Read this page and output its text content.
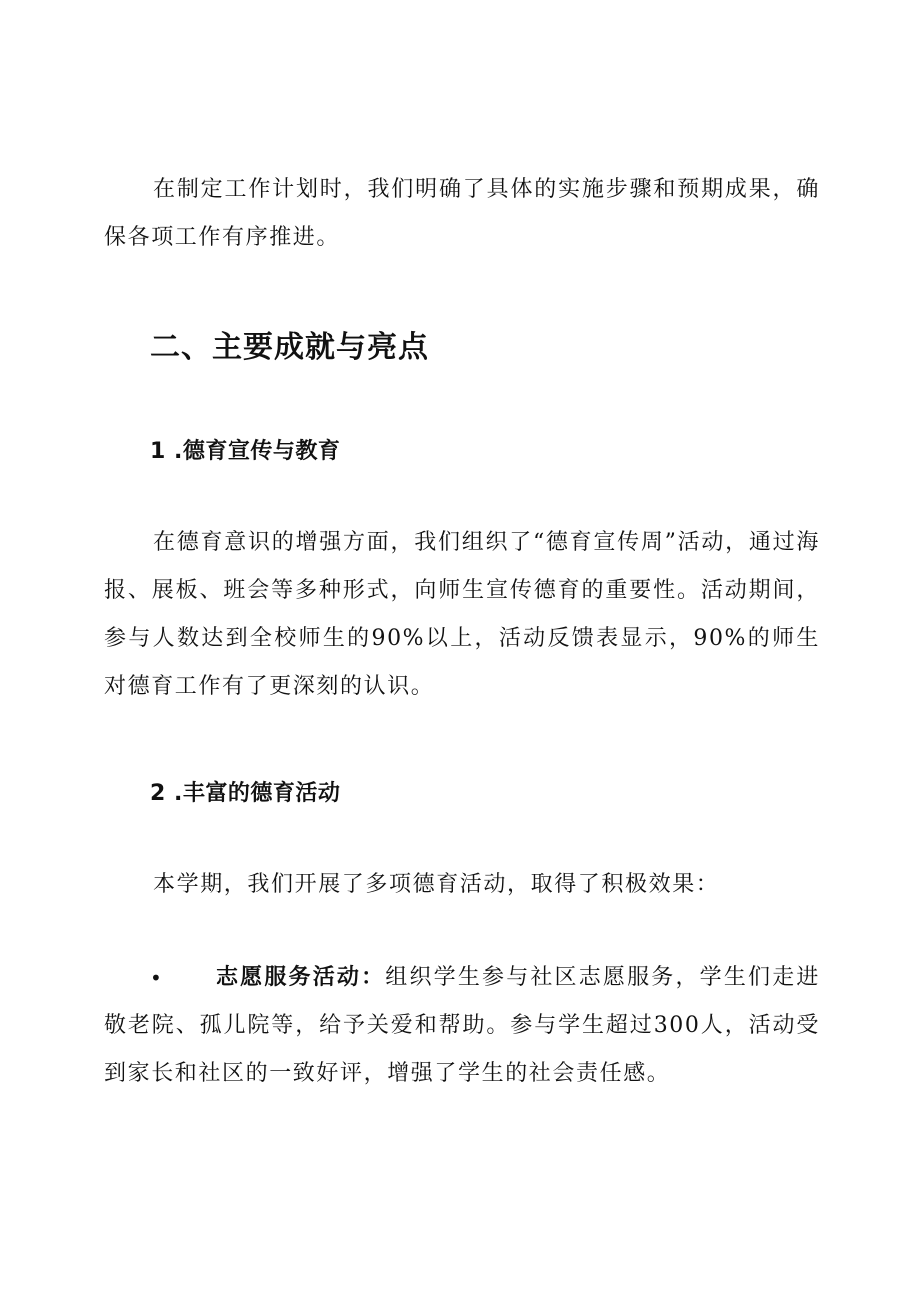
在制定工作计划时，我们明确了具体的实施步骤和预期成果，确保各项工作有序推进。

二、主要成就与亮点
1 .德育宣传与教育

在德育意识的增强方面，我们组织了“德育宣传周”活动，通过海报、展板、班会等多种形式，向师生宣传德育的重要性。活动期间，参与人数达到全校师生的90%以上，活动反馈表显示，90%的师生对德育工作有了更深刻的认识。

2 .丰富的德育活动

本学期，我们开展了多项德育活动，取得了积极效果：

•	志愿服务活动：组织学生参与社区志愿服务，学生们走进敬老院、孤儿院等，给予关爱和帮助。参与学生超过300人，活动受到家长和社区的一致好评，增强了学生的社会责任感。
